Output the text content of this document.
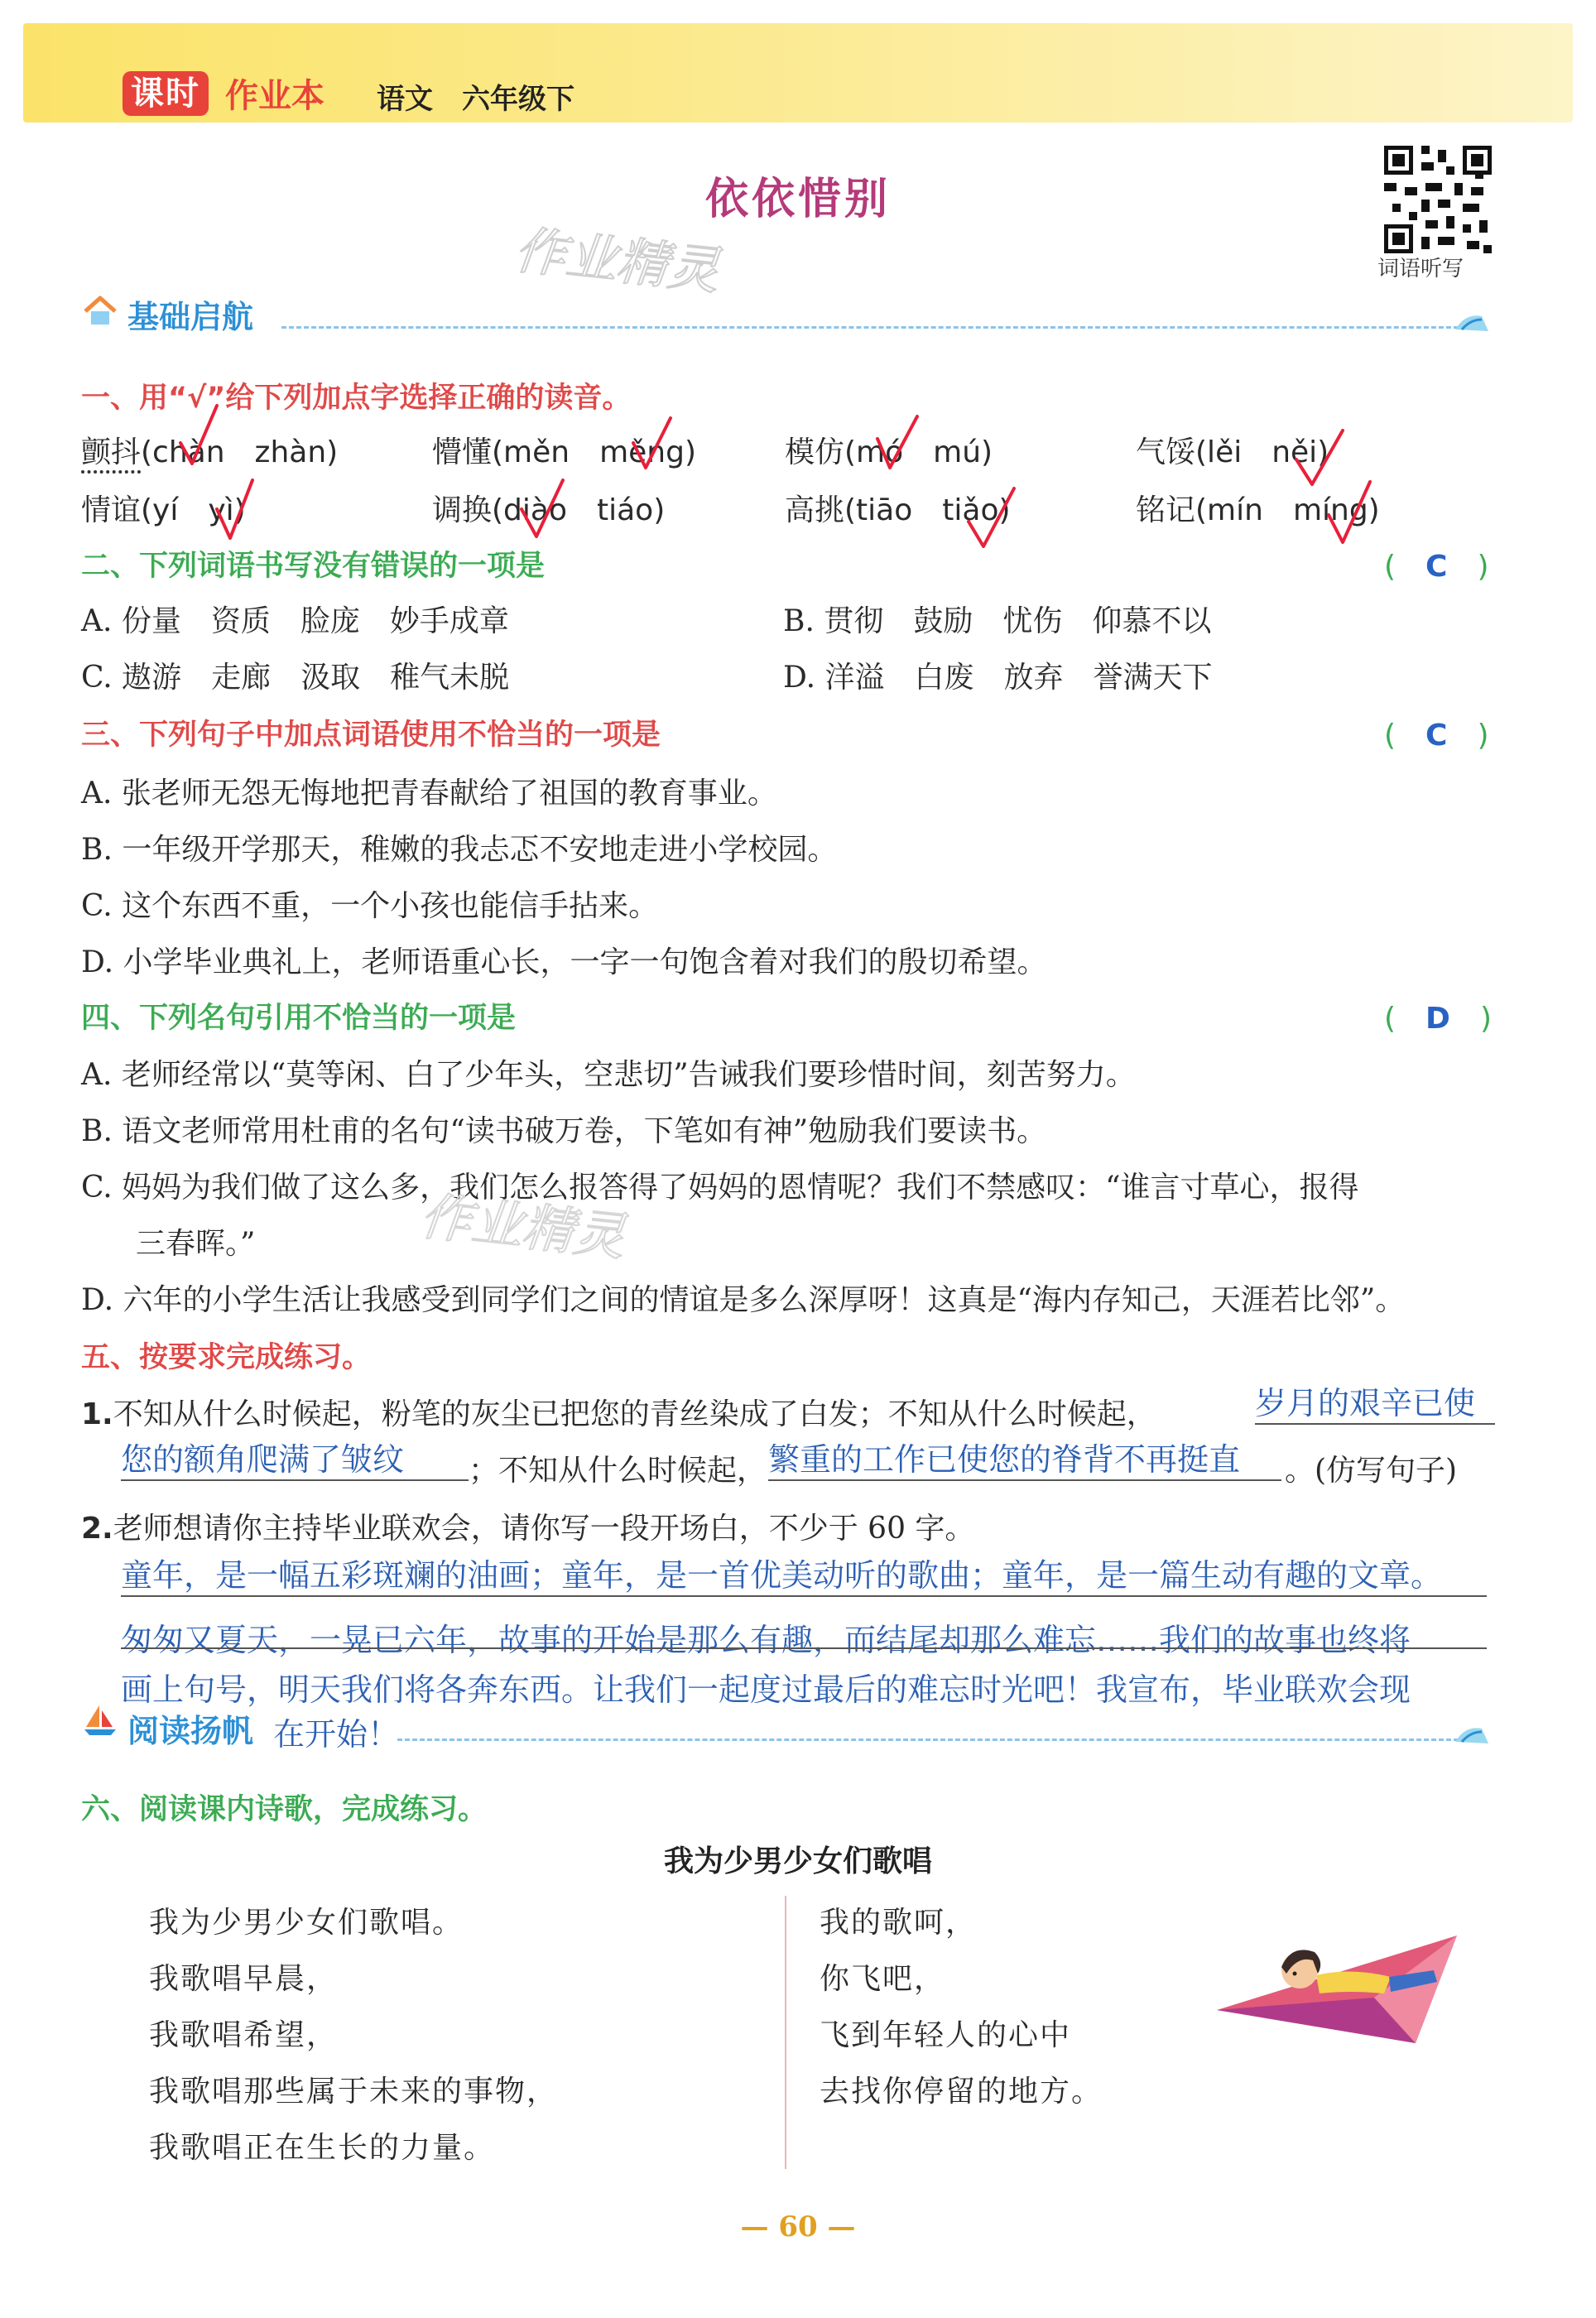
课时 作业本 语文 六年级下
依依惜别
作业精灵	词语听写
基础启航
一、用“√”给下列加点字选择正确的读音。
颤抖(chàn　zhàn)	懵懂(měn　měng)	模仿(mó　mú)	气馁(lěi　něi)
情谊(yí　yì)	调换(diào　tiáo)	高挑(tiāo　tiǎo)	铭记(mín　míng)
二、下列词语书写没有错误的一项是	(　C　)
A. 份量　资质　脸庞　妙手成章	B. 贯彻　鼓励　忧伤　仰慕不以
C. 遨游　走廊　汲取　稚气未脱	D. 洋溢　白废　放弃　誉满天下
三、下列句子中加点词语使用不恰当的一项是	(　C　)
A. 张老师无怨无悔地把青春献给了祖国的教育事业。
B. 一年级开学那天，稚嫩的我忐忑不安地走进小学校园。
C. 这个东西不重，一个小孩也能信手拈来。
D. 小学毕业典礼上，老师语重心长，一字一句饱含着对我们的殷切希望。
四、下列名句引用不恰当的一项是	(　D　)
A. 老师经常以“莫等闲、白了少年头，空悲切”告诫我们要珍惜时间，刻苦努力。
B. 语文老师常用杜甫的名句“读书破万卷，下笔如有神”勉励我们要读书。
C. 妈妈为我们做了这么多，我们怎么报答得了妈妈的恩情呢？我们不禁感叹：“谁言寸草心，报得
三春晖。”
D. 六年的小学生活让我感受到同学们之间的情谊是多么深厚呀！这真是“海内存知己，天涯若比邻”。
作业精灵
五、按要求完成练习。
1.不知从什么时候起，粉笔的灰尘已把您的青丝染成了白发；不知从什么时候起，	岁月的艰辛已使
您的额角爬满了皱纹	；不知从什么时候起， 繁重的工作已使您的脊背不再挺直	。(仿写句子)
2.老师想请你主持毕业联欢会，请你写一段开场白，不少于 60 字。
童年，是一幅五彩斑斓的油画；童年，是一首优美动听的歌曲；童年，是一篇生动有趣的文章。
匆匆又夏天，一晃已六年，故事的开始是那么有趣，而结尾却那么难忘……我们的故事也终将
画上句号，明天我们将各奔东西。让我们一起度过最后的难忘时光吧！我宣布，毕业联欢会现
阅读扬帆 在开始！
六、阅读课内诗歌，完成练习。
我为少男少女们歌唱
我为少男少女们歌唱。
我歌唱早晨，
我歌唱希望，
我歌唱那些属于未来的事物，
我歌唱正在生长的力量。
我的歌呵，
你飞吧，
飞到年轻人的心中
去找你停留的地方。
— 60 —
